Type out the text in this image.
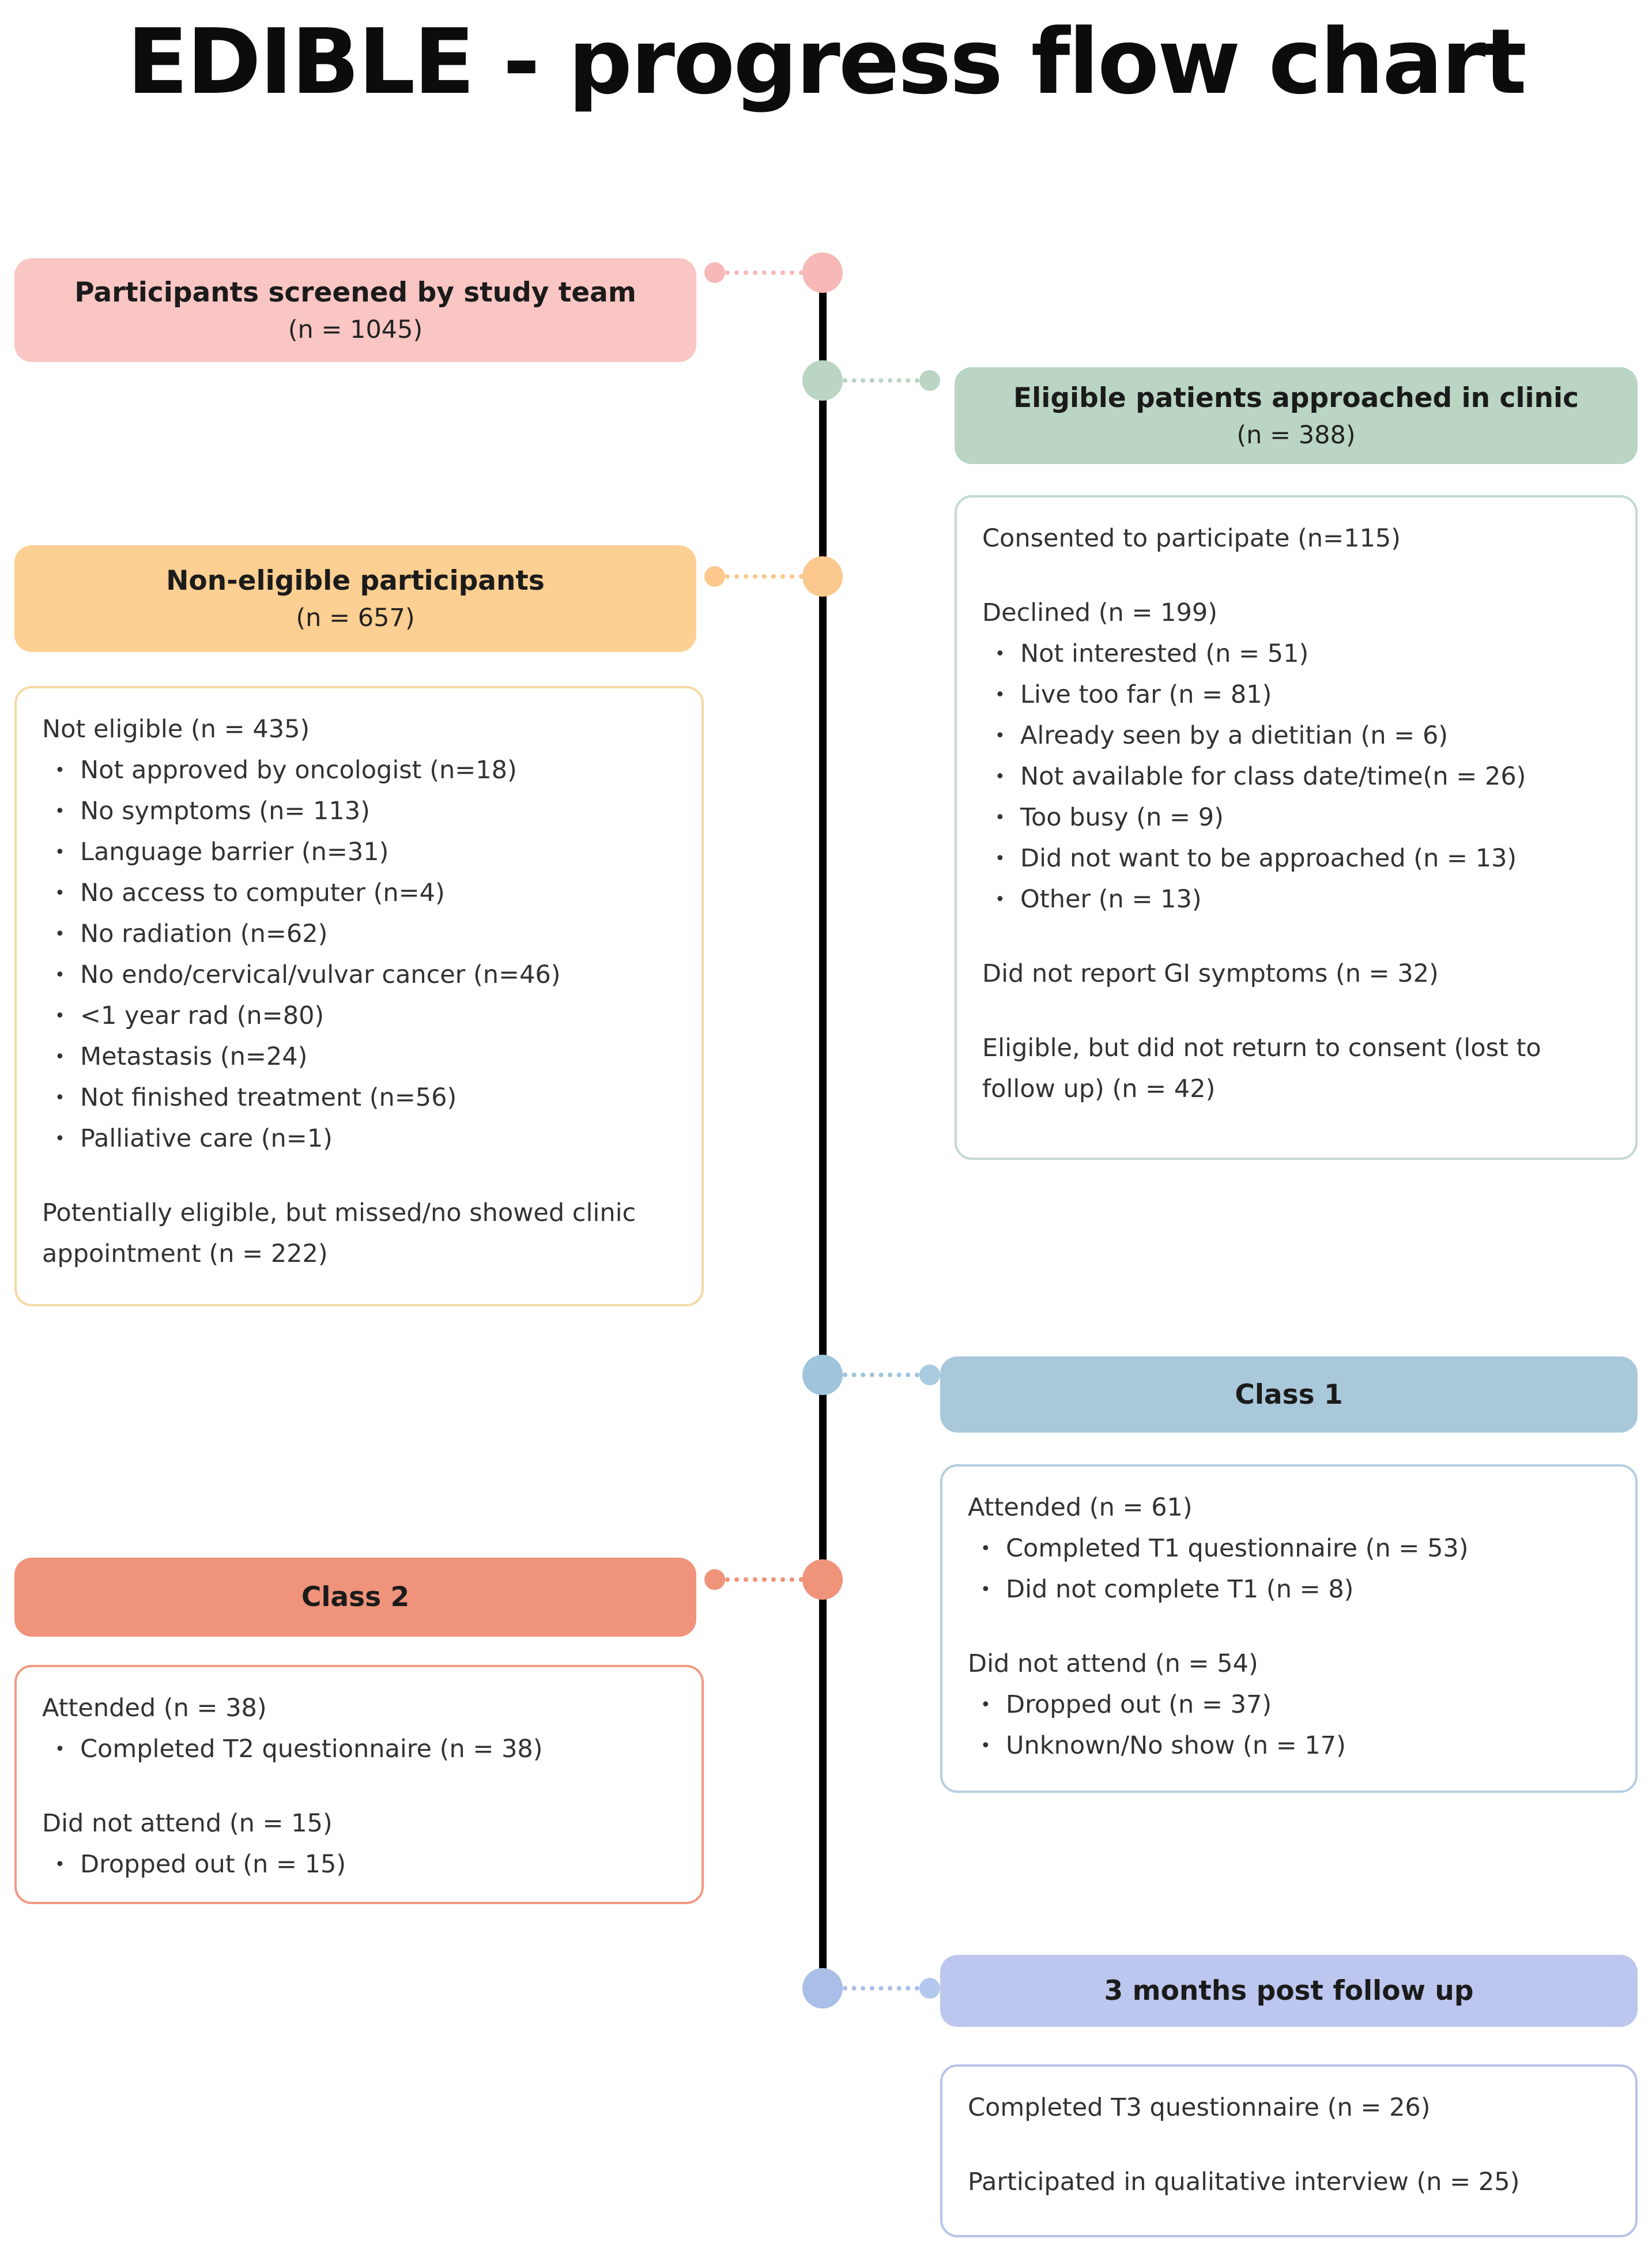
EDIBLE - progress flow chart
Participants screened by study team
(n = 1045)
Eligible patients approached in clinic
(n = 388)

Consented to participate (n=115)

Declined (n = 199)

• Not interested (n = 51)
• Live too far (n = 81)
• Already seen by a dietitian (n = 6)
• Not available for class date/time(n = 26)
• Too busy (n = 9)
• Did not want to be approached (n = 13)
• Other (n = 13)

Did not report GI symptoms (n = 32)

Eligible, but did not return to consent (lost to follow up) (n = 42)

Non-eligible participants
(n = 657)

Not eligible (n = 435)

• Not approved by oncologist (n=18)
• No symptoms (n= 113)
• Language barrier (n=31)
• No access to computer (n=4)
• No radiation (n=62)
• No endo/cervical/vulvar cancer (n=46)
• <1 year rad (n=80)
• Metastasis (n=24)
• Not finished treatment (n=56)
• Palliative care (n=1)

Potentially eligible, but missed/no showed clinic appointment (n = 222)

Class 1

Attended (n = 61)

• Completed T1 questionnaire (n = 53)
• Did not complete T1 (n = 8)

Did not attend (n = 54)

• Dropped out (n = 37)
• Unknown/No show (n = 17)
Class 2

Attended (n = 38)

• Completed T2 questionnaire (n = 38)

Did not attend (n = 15)

• Dropped out (n = 15)
3 months post follow up

Completed T3 questionnaire (n = 26)

Participated in qualitative interview (n = 25)
